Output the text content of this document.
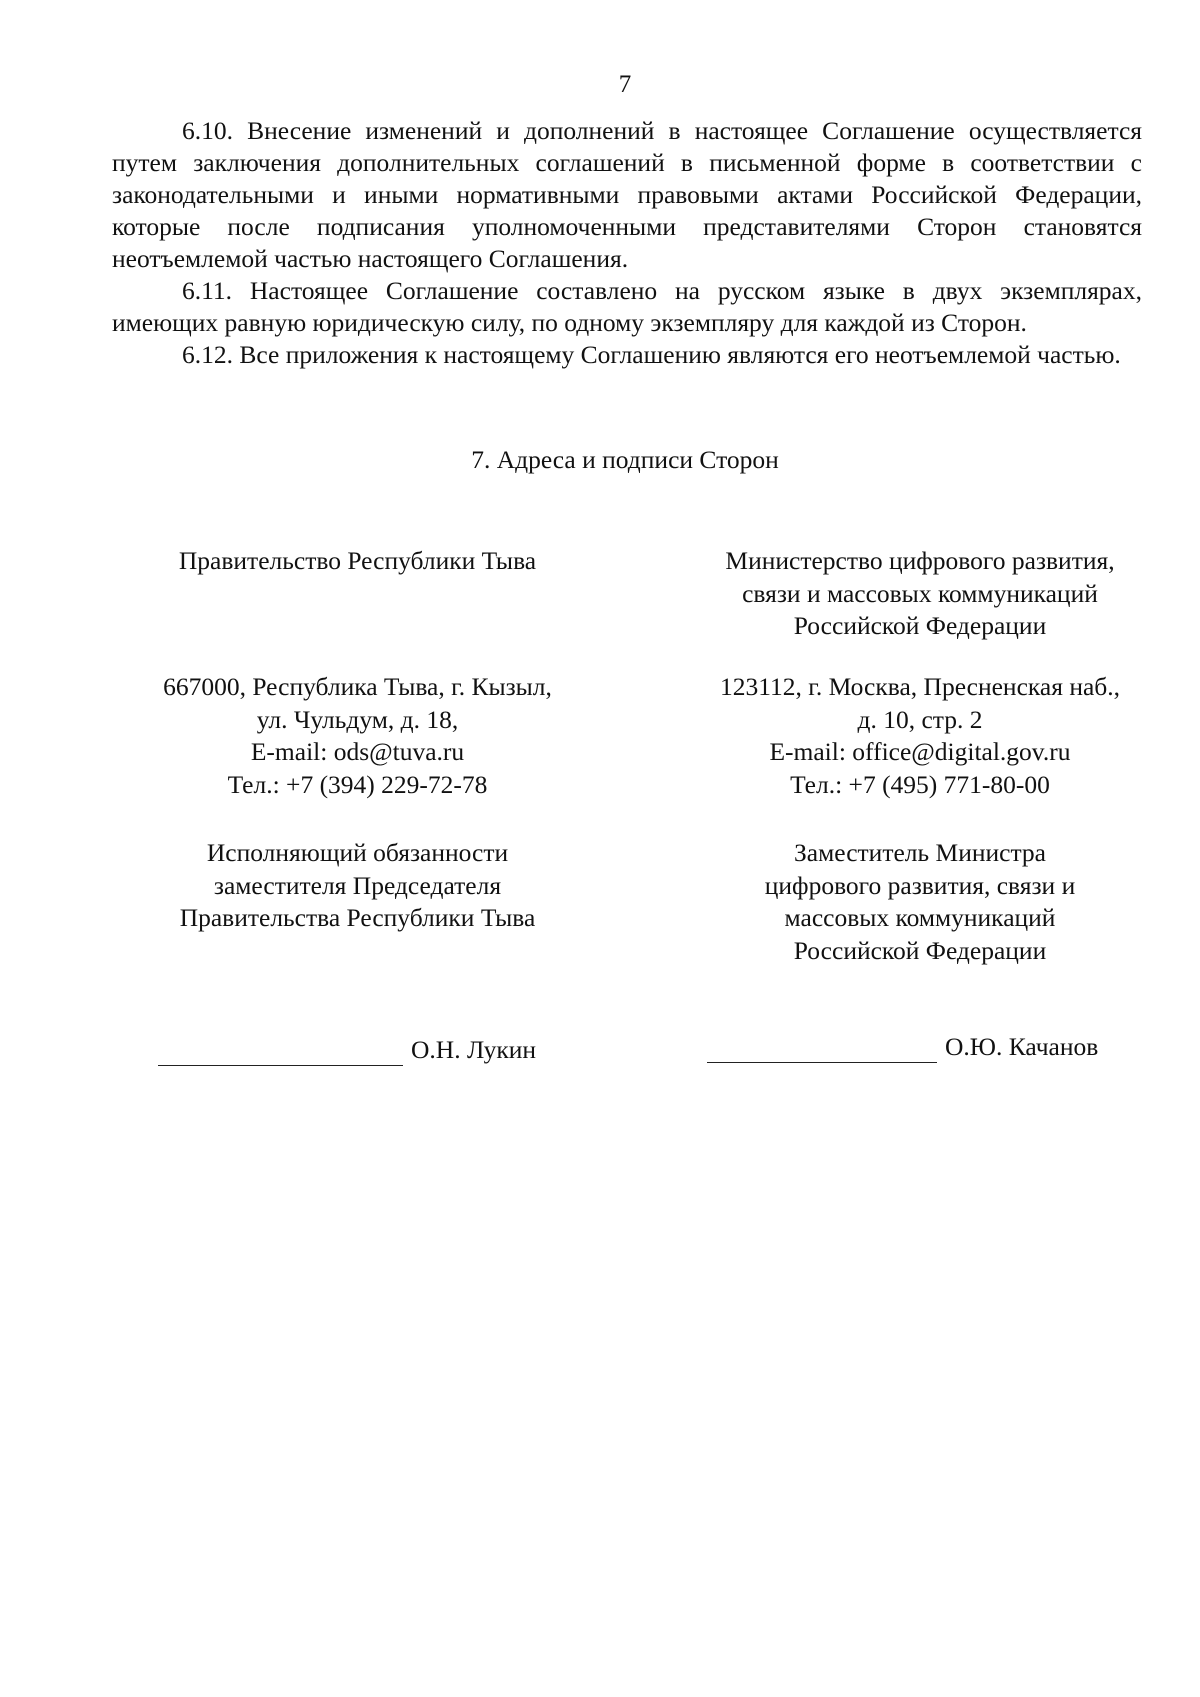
7

6.10. Внесение изменений и дополнений в настоящее Соглашение осуществляется путем заключения дополнительных соглашений в письменной форме в соответствии с законодательными и иными нормативными правовыми актами Российской Федерации, которые после подписания уполномоченными представителями Сторон становятся неотъемлемой частью настоящего Соглашения.

6.11. Настоящее Соглашение составлено на русском языке в двух экземплярах, имеющих равную юридическую силу, по одному экземпляру для каждой из Сторон.

6.12. Все приложения к настоящему Соглашению являются его неотъемлемой частью.

7. Адреса и подписи Сторон
Правительство Республики Тыва	Министерство цифрового развития,
связи и массовых коммуникаций
Российской Федерации
667000, Республика Тыва, г. Кызыл,
ул. Чульдум, д. 18,
E-mail: ods@tuva.ru
Тел.: +7 (394) 229-72-78
123112, г. Москва, Пресненская наб.,
д. 10, стр. 2
E-mail: office@digital.gov.ru
Тел.: +7 (495) 771-80-00
Исполняющий обязанности
заместителя Председателя
Правительства Республики Тыва
Заместитель Министра
цифрового развития, связи и
массовых коммуникаций
Российской Федерации
О.Н. Лукин	О.Ю. Качанов
